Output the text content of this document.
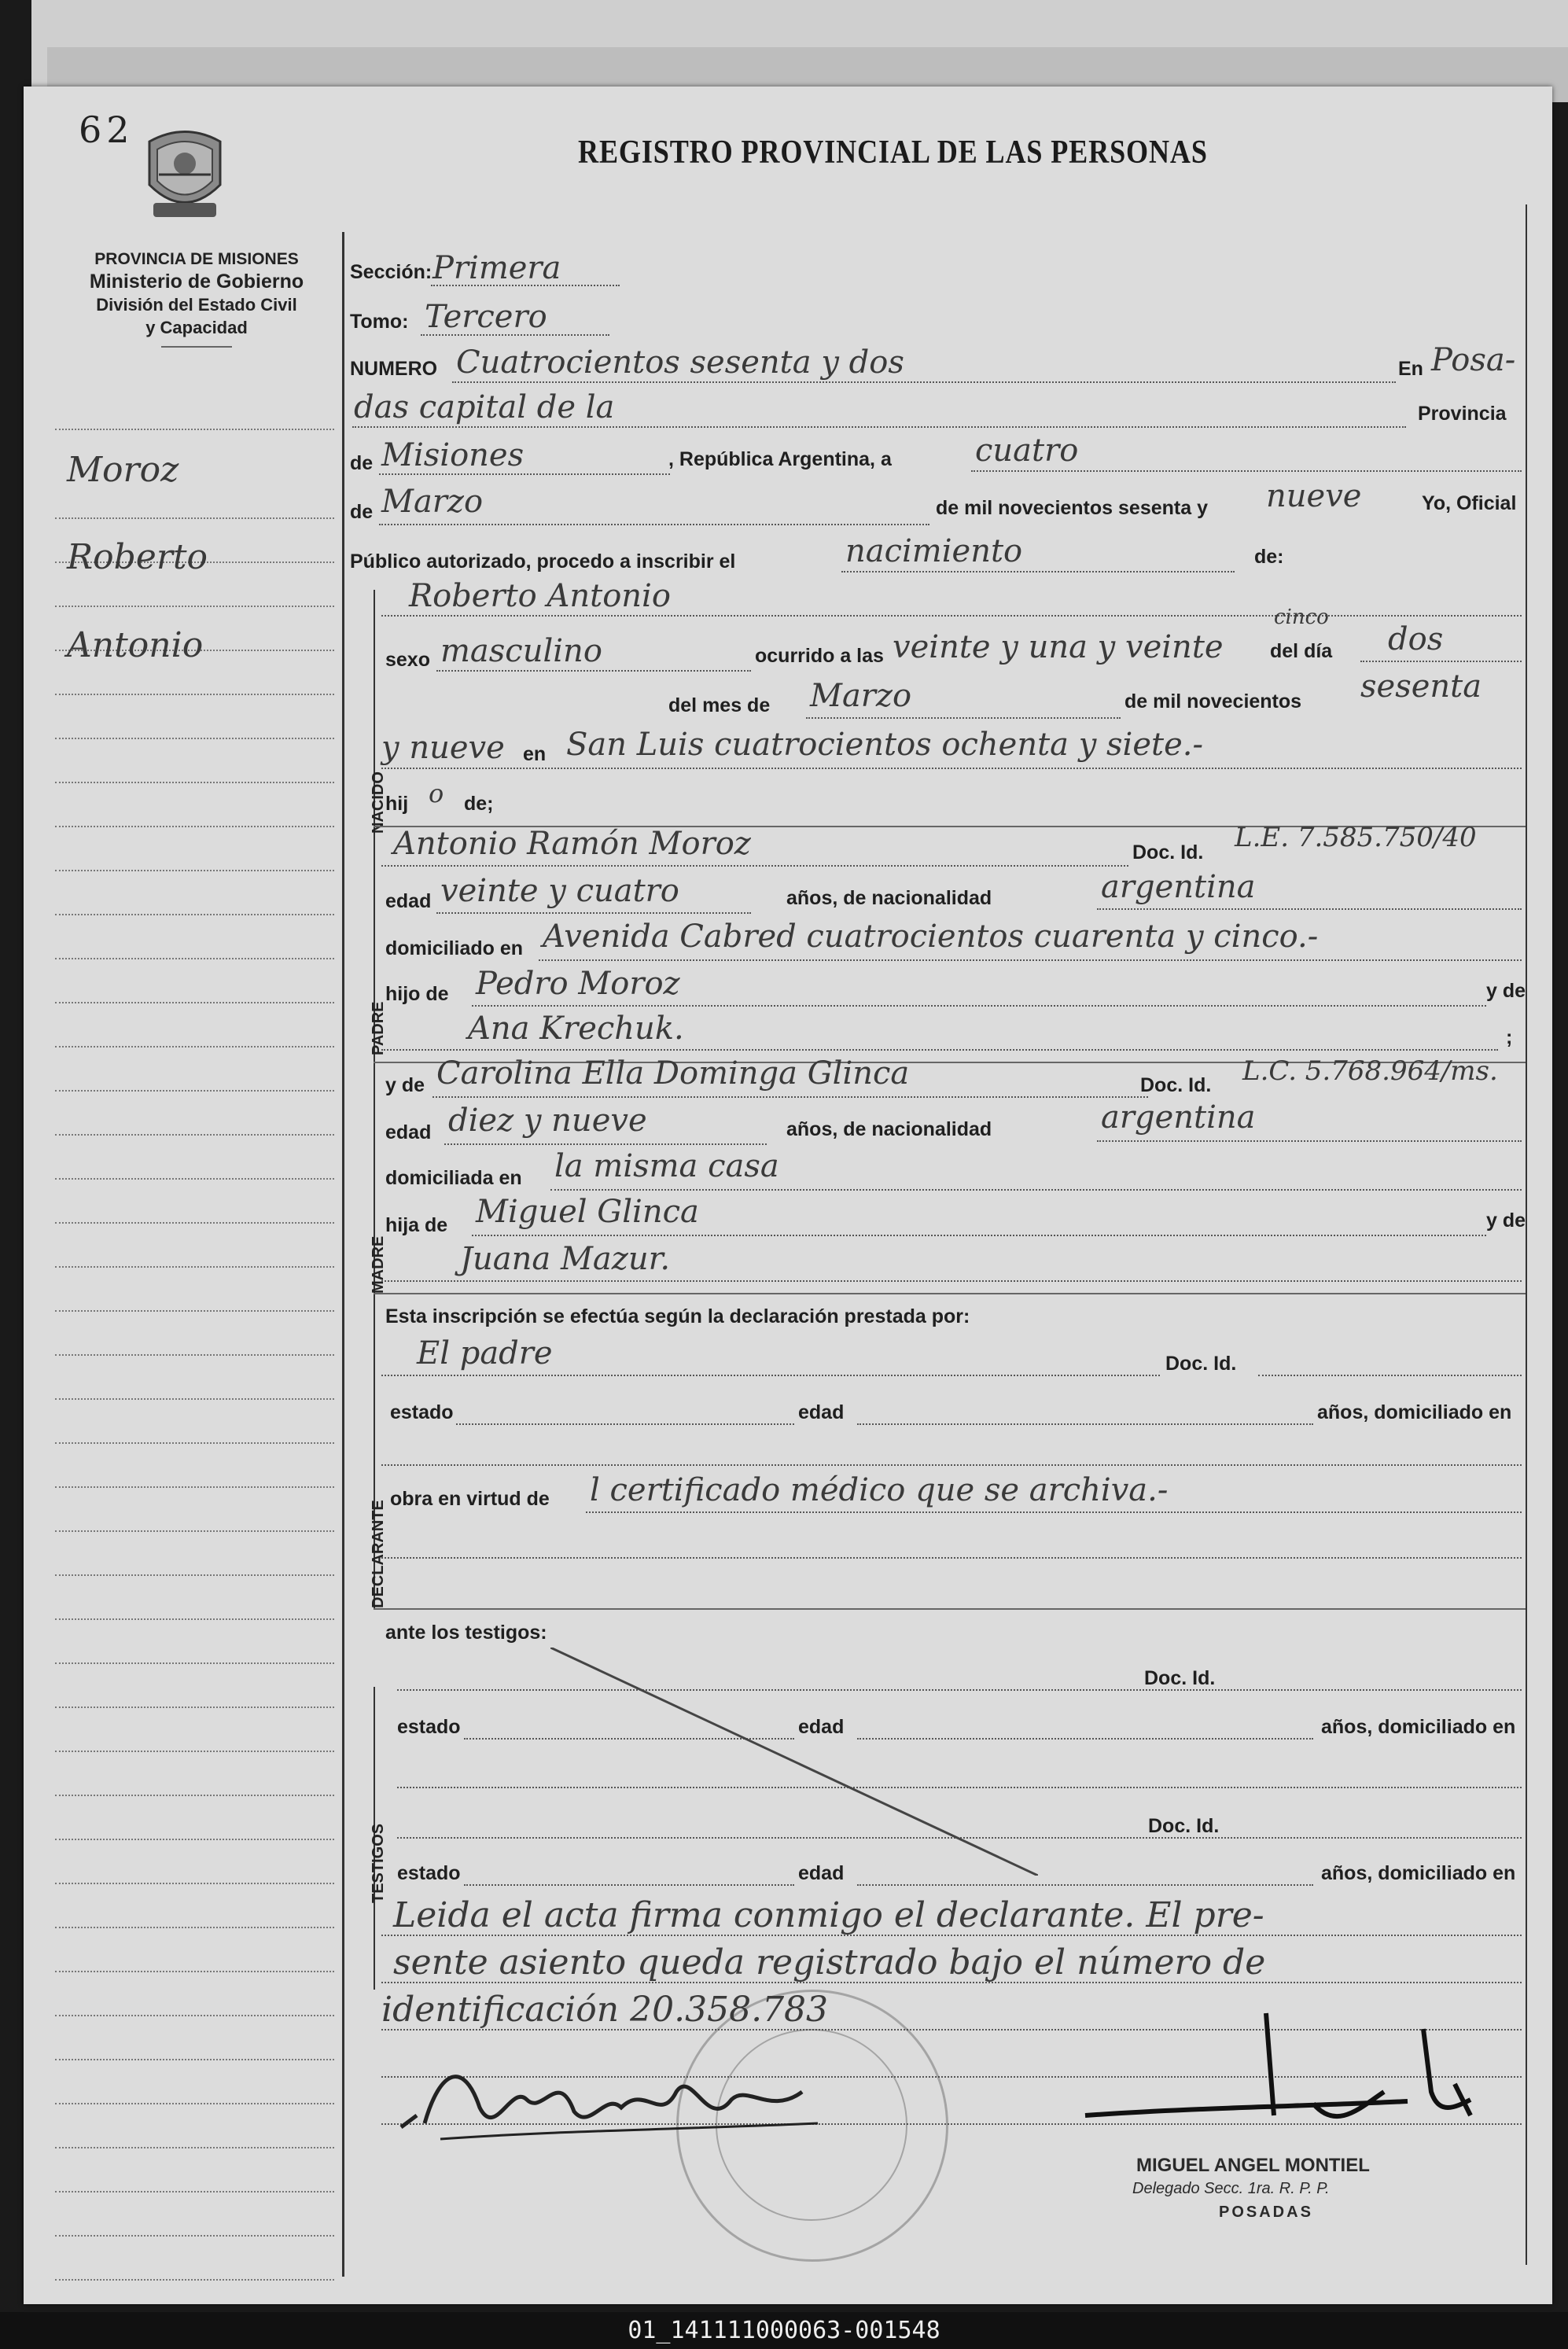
62
REGISTRO PROVINCIAL DE LAS PERSONAS
PROVINCIA DE MISIONES
Ministerio de Gobierno
División del Estado Civil
y Capacidad
Moroz
Roberto
Antonio
Sección: Primera
Tomo: Tercero
NUMERO Cuatrocientos sesenta y dos	En Posa-
das capital de la	Provincia
de Misiones	, República Argentina, a	cuatro
de Marzo	de mil novecientos sesenta y nueve	Yo, Oficial
Público autorizado, procedo a inscribir el	nacimiento	de:
Roberto Antonio
NACIDO
sexo masculino	ocurrido a las veinte y una y veinte
cinco
del día dos
del mes de Marzo	de mil novecientos sesenta
y nueve en San Luis cuatrocientos ochenta y siete.-
hij o de;
PADRE
Antonio Ramón Moroz	Doc. Id. L.E. 7.585.750/40
edad veinte y cuatro	años, de nacionalidad	argentina
domiciliado en Avenida Cabred cuatrocientos cuarenta y cinco.-
hijo de Pedro Moroz	y de
Ana Krechuk.	;
MADRE
y de Carolina Ella Dominga Glinca	Doc. Id. L.C. 5.768.964/ms.
edad diez y nueve	años, de nacionalidad	argentina
domiciliada en la misma casa
hija de Miguel Glinca	y de
Juana Mazur.
Esta inscripción se efectúa según la declaración prestada por:
DECLARANTE
El padre	Doc. Id.
estado	edad	años, domiciliado en
obra en virtud de l certificado médico que se archiva.-
ante los testigos:
TESTIGOS
Doc. Id.
estado	edad	años, domiciliado en
Doc. Id.
estado	edad	años, domiciliado en
Leida el acta firma conmigo el declarante. El pre-
sente asiento queda registrado bajo el número de
identificación 20.358.783
MIGUEL ANGEL MONTIEL
Delegado Secc. 1ra. R. P. P.
POSADAS
01_141111000063-001548
